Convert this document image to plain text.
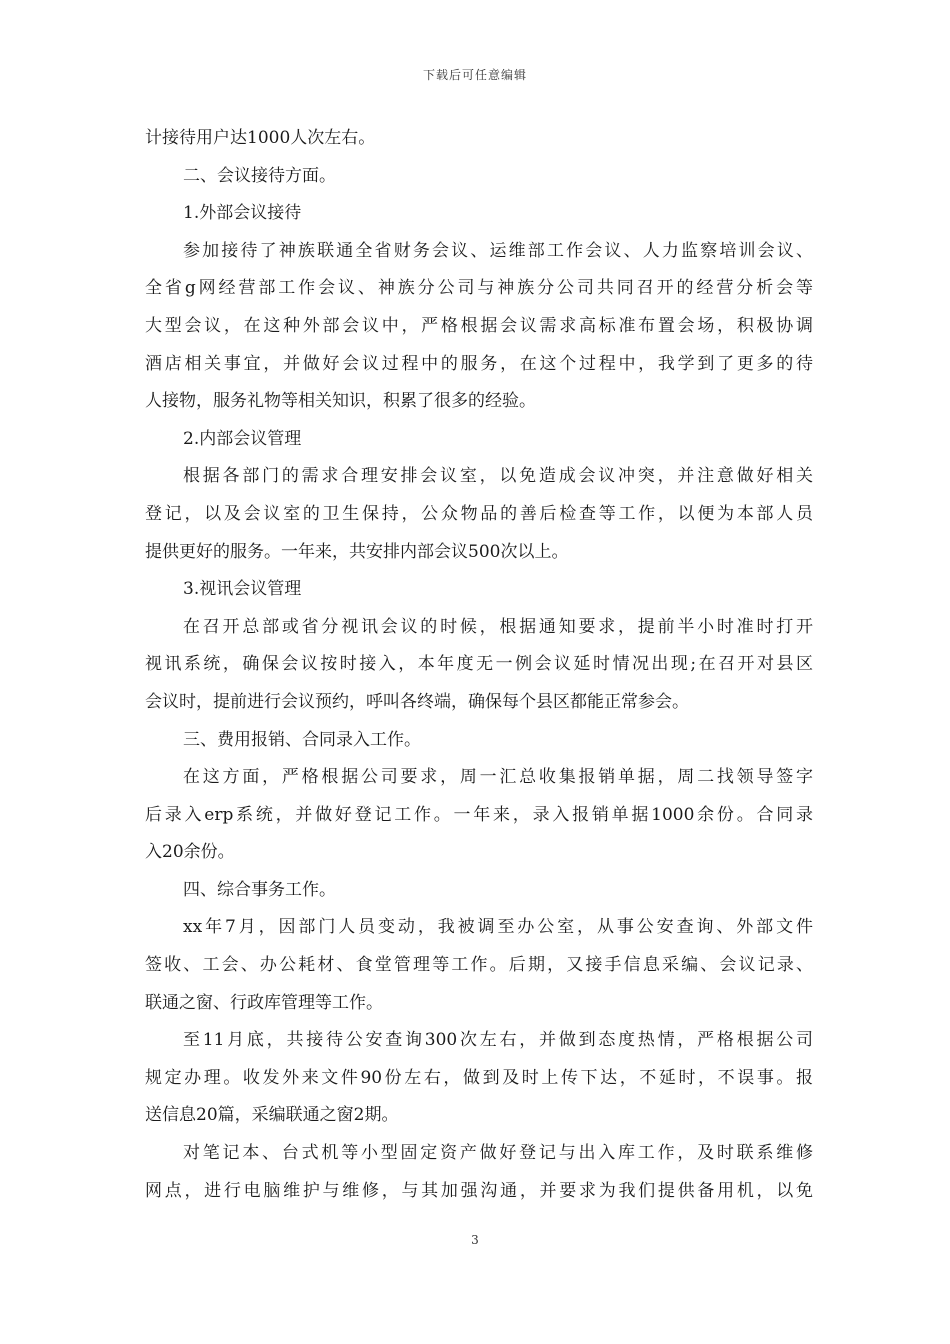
下载后可任意编辑
计接待用户达1000人次左右。
二、会议接待方面。
1.外部会议接待
参加接待了神族联通全省财务会议、运维部工作会议、人力监察培训会议、
全省g网经营部工作会议、神族分公司与神族分公司共同召开的经营分析会等
大型会议，在这种外部会议中，严格根据会议需求高标准布置会场，积极协调
酒店相关事宜，并做好会议过程中的服务，在这个过程中，我学到了更多的待
人接物，服务礼物等相关知识，积累了很多的经验。
2.内部会议管理
根据各部门的需求合理安排会议室，以免造成会议冲突，并注意做好相关
登记，以及会议室的卫生保持，公众物品的善后检查等工作，以便为本部人员
提供更好的服务。一年来，共安排内部会议500次以上。
3.视讯会议管理
在召开总部或省分视讯会议的时候，根据通知要求，提前半小时准时打开
视讯系统，确保会议按时接入，本年度无一例会议延时情况出现;在召开对县区
会议时，提前进行会议预约，呼叫各终端，确保每个县区都能正常参会。
三、费用报销、合同录入工作。
在这方面，严格根据公司要求，周一汇总收集报销单据，周二找领导签字
后录入erp系统，并做好登记工作。一年来，录入报销单据1000余份。合同录
入20余份。
四、综合事务工作。
xx年7月，因部门人员变动，我被调至办公室，从事公安查询、外部文件
签收、工会、办公耗材、食堂管理等工作。后期，又接手信息采编、会议记录、
联通之窗、行政库管理等工作。
至11月底，共接待公安查询300次左右，并做到态度热情，严格根据公司
规定办理。收发外来文件90份左右，做到及时上传下达，不延时，不误事。报
送信息20篇，采编联通之窗2期。
对笔记本、台式机等小型固定资产做好登记与出入库工作，及时联系维修
网点，进行电脑维护与维修，与其加强沟通，并要求为我们提供备用机，以免
3
